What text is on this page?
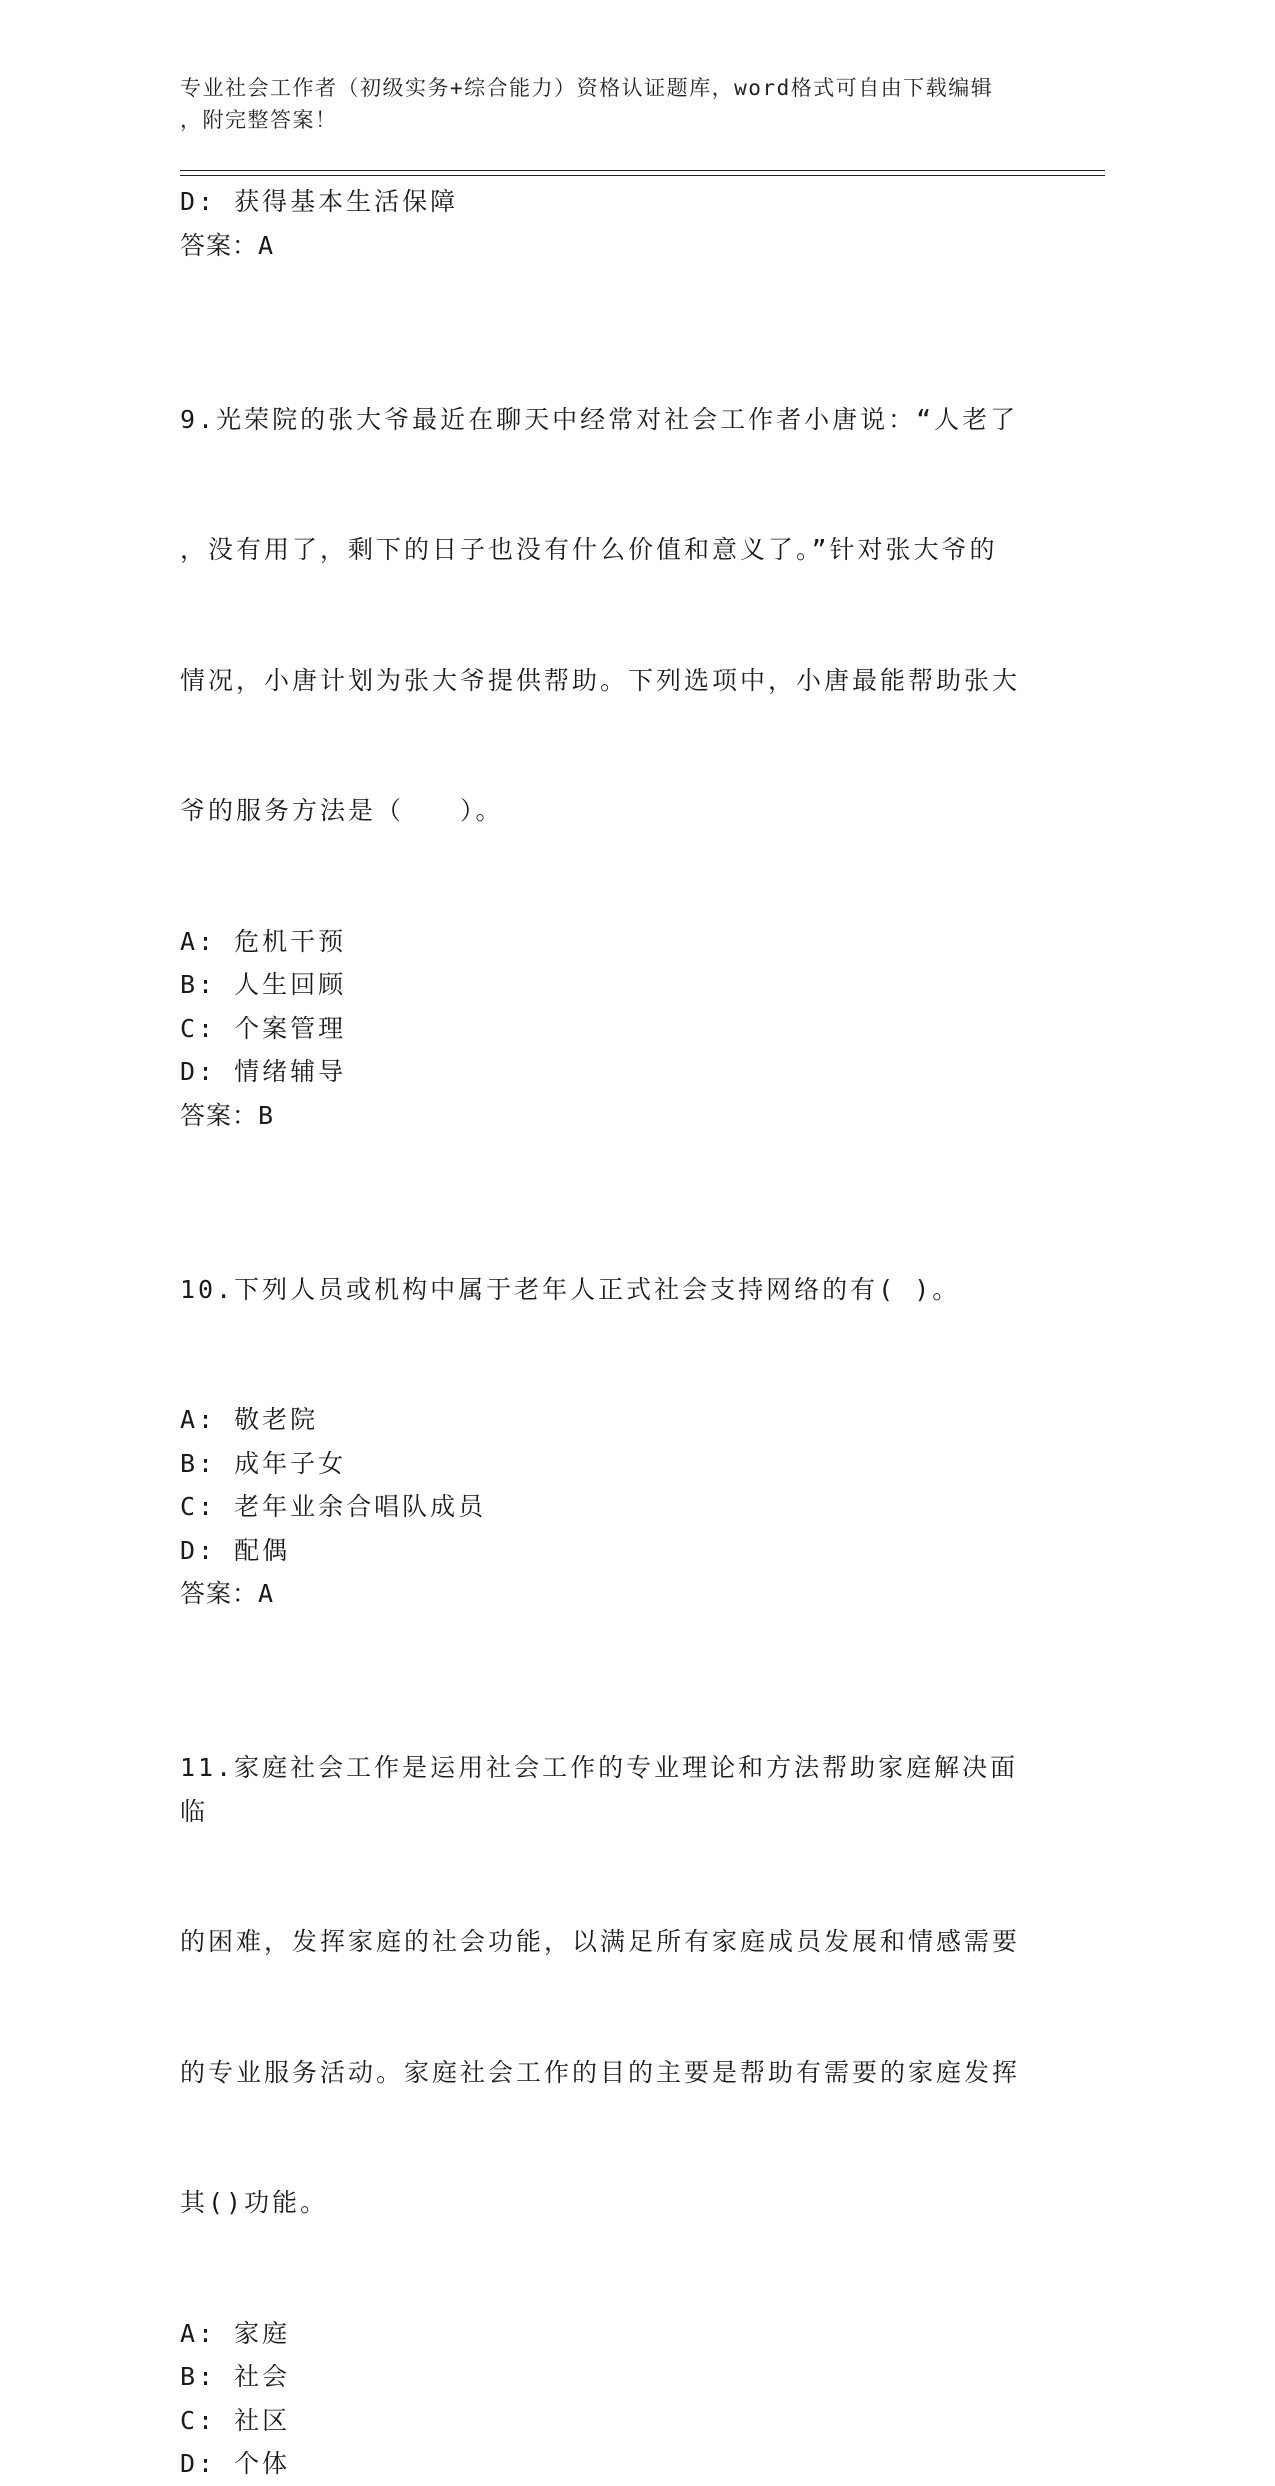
专业社会工作者（初级实务+综合能力）资格认证题库，word格式可自由下载编辑
，附完整答案！
D: 获得基本生活保障
答案：A

9.光荣院的张大爷最近在聊天中经常对社会工作者小唐说：“人老了

，没有用了，剩下的日子也没有什么价值和意义了。”针对张大爷的

情况，小唐计划为张大爷提供帮助。下列选项中，小唐最能帮助张大

爷的服务方法是（　　）。

A: 危机干预
B: 人生回顾
C: 个案管理
D: 情绪辅导
答案：B

10.下列人员或机构中属于老年人正式社会支持网络的有( )。

A: 敬老院
B: 成年子女
C: 老年业余合唱队成员
D: 配偶
答案：A

11.家庭社会工作是运用社会工作的专业理论和方法帮助家庭解决面临

的困难，发挥家庭的社会功能，以满足所有家庭成员发展和情感需要

的专业服务活动。家庭社会工作的目的主要是帮助有需要的家庭发挥

其()功能。

A: 家庭
B: 社会
C: 社区
D: 个体
